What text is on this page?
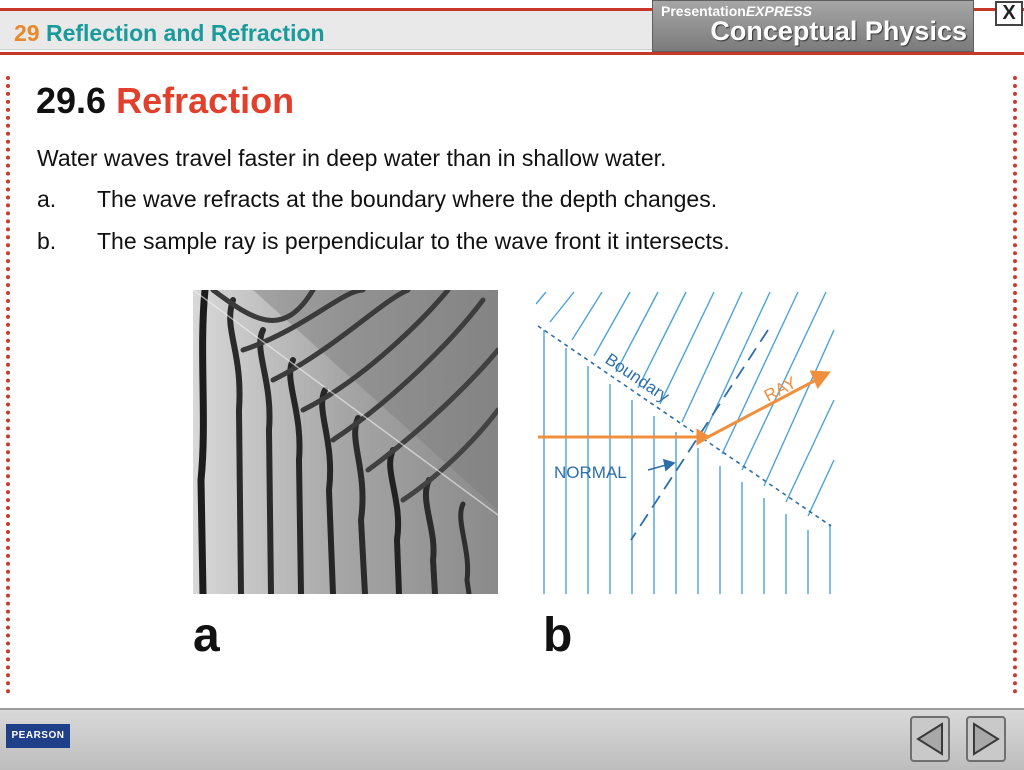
29 Reflection and Refraction
PresentationEXPRESS
Conceptual Physics
X
29.6 Refraction
Water waves travel faster in deep water than in shallow water.
a. The wave refracts at the boundary where the depth changes.
b. The sample ray is perpendicular to the wave front it intersects.
Boundary	RAY
NORMAL
a	b
PEARSON
